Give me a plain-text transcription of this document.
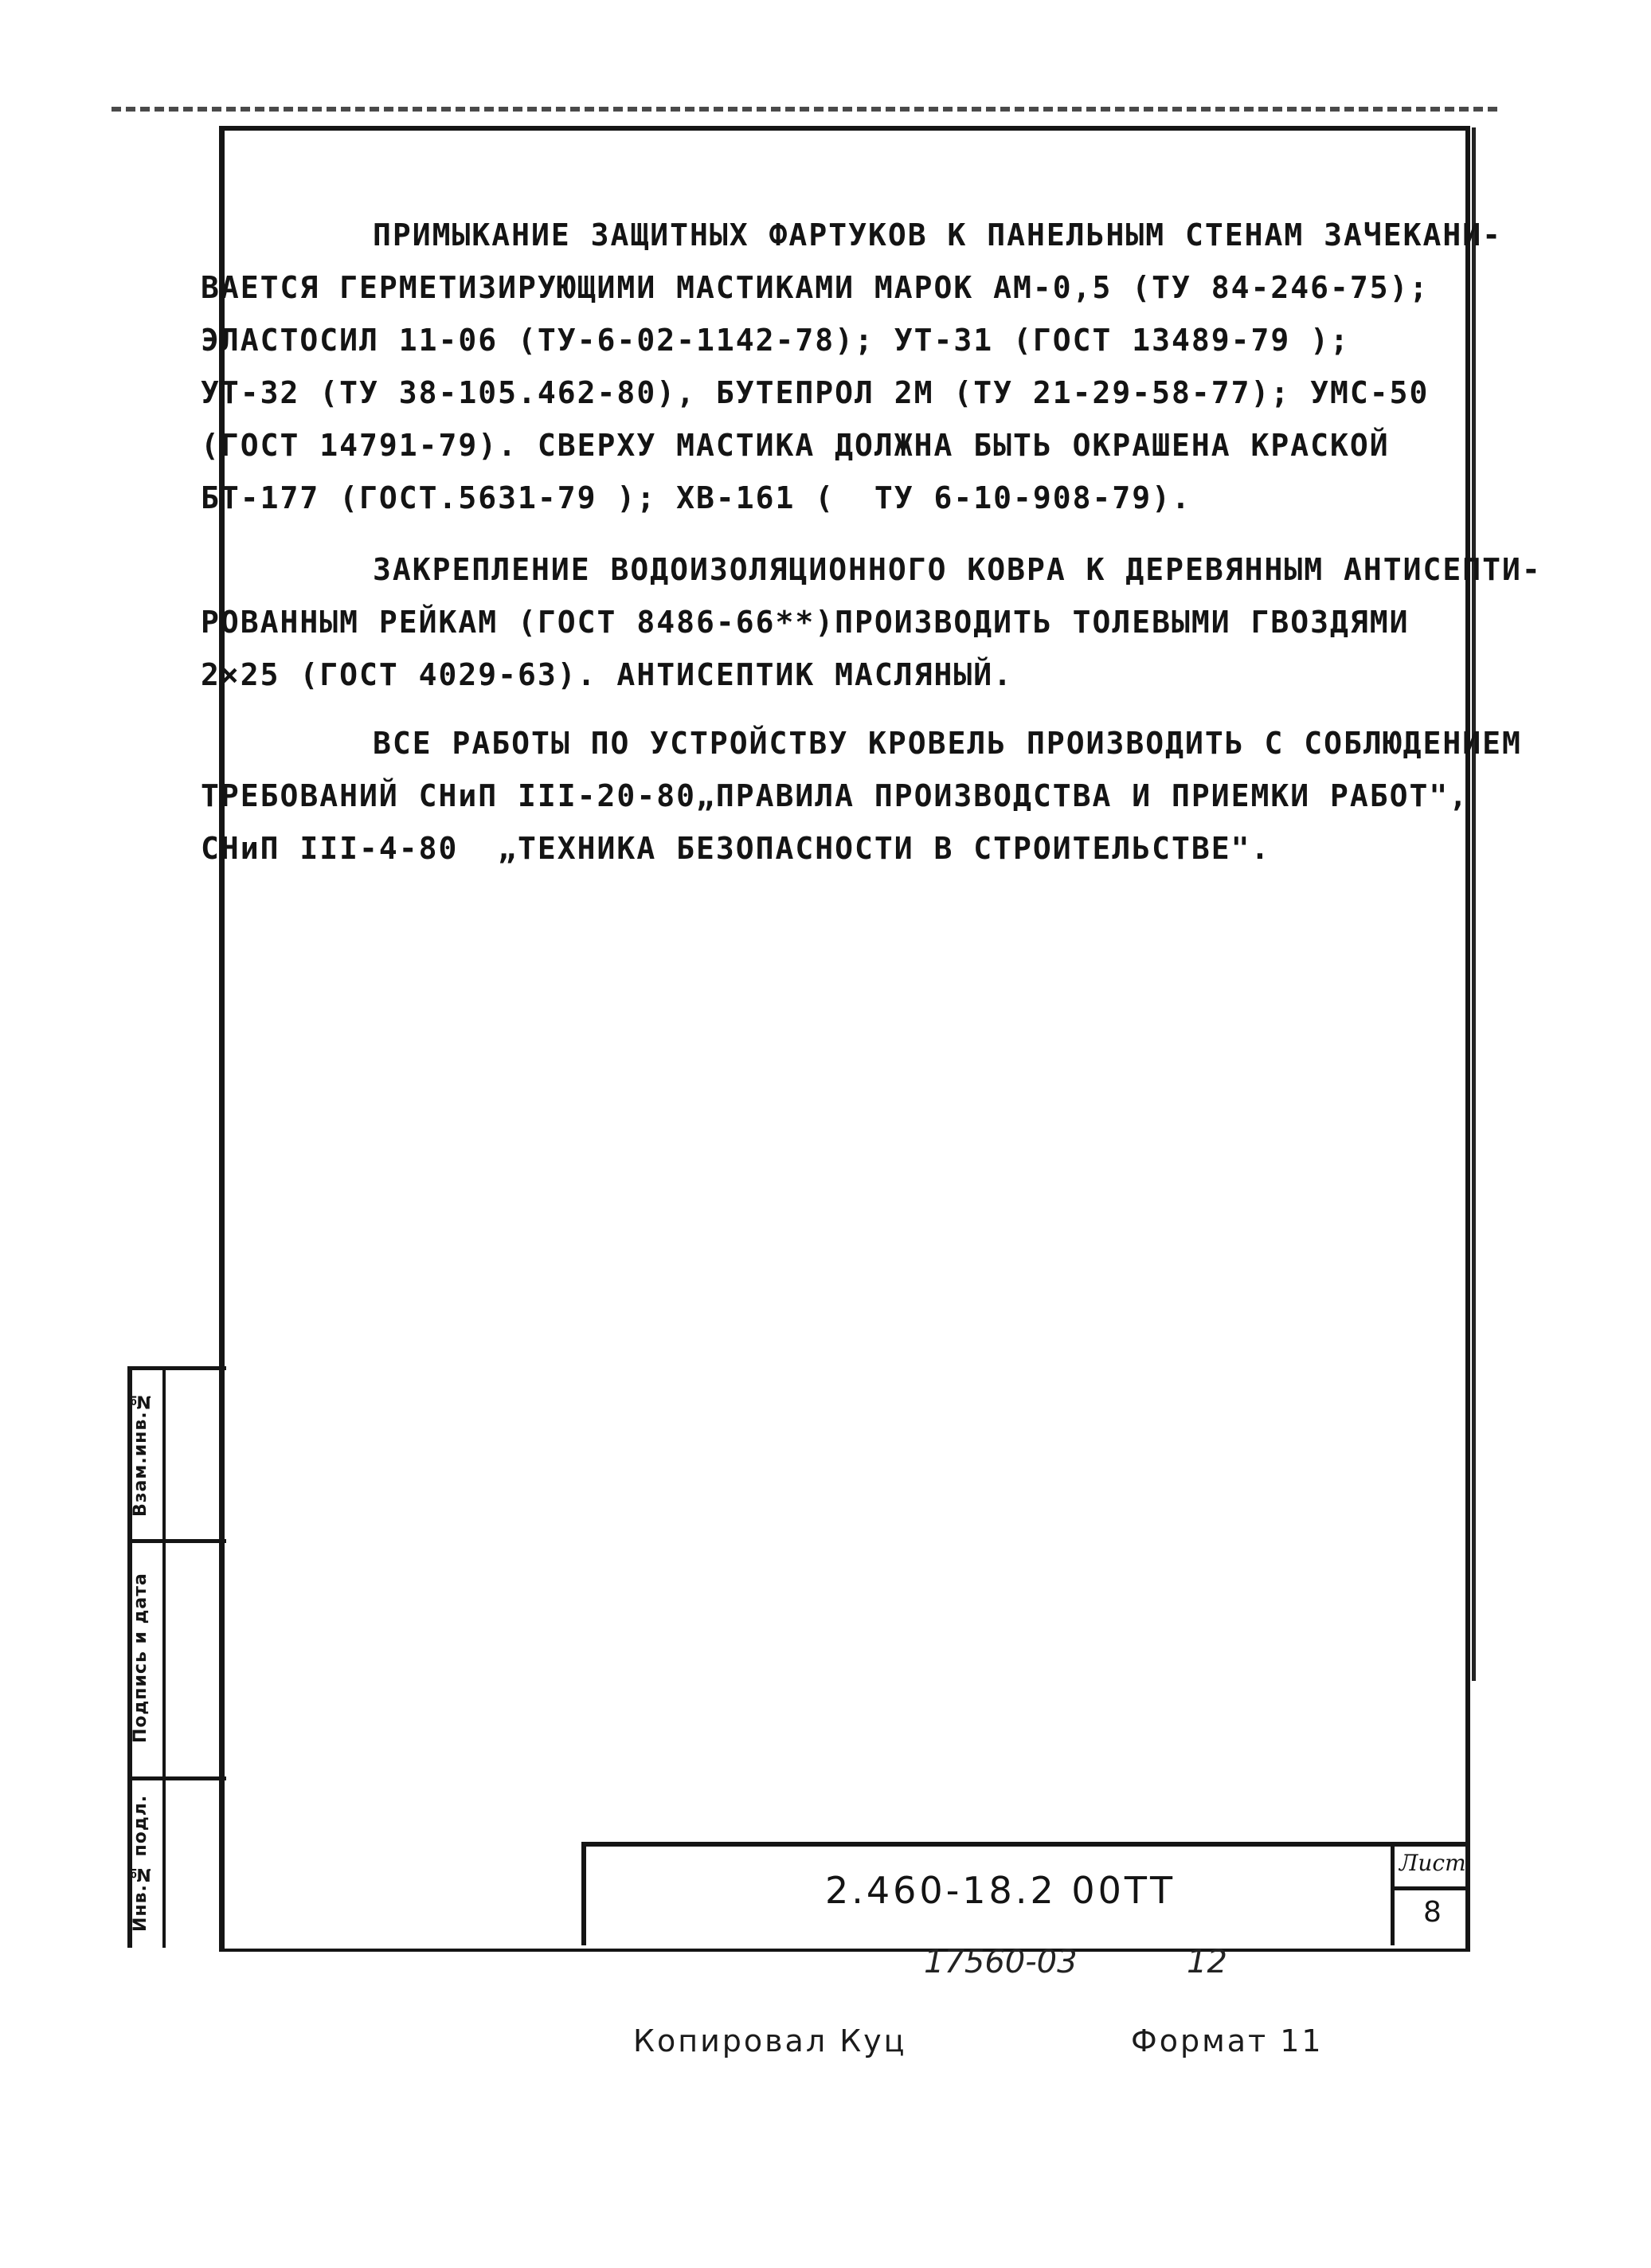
ПРИМЫКАНИЕ ЗАЩИТНЫХ ФАРТУКОВ К ПАНЕЛЬНЫМ СТЕНАМ ЗАЧЕКАНИ-
ВАЕТСЯ ГЕРМЕТИЗИРУЮЩИМИ МАСТИКАМИ МАРОК АМ-0,5 (ТУ 84-246-75);
ЭЛАСТОСИЛ 11-06 (ТУ-6-02-1142-78); УТ-31 (ГОСТ 13489-79 );
УТ-32 (ТУ 38-105.462-80), БУТЕПРОЛ 2М (ТУ 21-29-58-77); УМС-50
(ГОСТ 14791-79). СВЕРХУ МАСТИКА ДОЛЖНА БЫТЬ ОКРАШЕНА КРАСКОЙ
БТ-177 (ГОСТ.5631-79 ); ХВ-161 (  ТУ 6-10-908-79).
ЗАКРЕПЛЕНИЕ ВОДОИЗОЛЯЦИОННОГО КОВРА К ДЕРЕВЯННЫМ АНТИСЕПТИ-
РОВАННЫМ РЕЙКАМ (ГОСТ 8486-66**)ПРОИЗВОДИТЬ ТОЛЕВЫМИ ГВОЗДЯМИ
2×25 (ГОСТ 4029-63). АНТИСЕПТИК МАСЛЯНЫЙ.
ВСЕ РАБОТЫ ПО УСТРОЙСТВУ КРОВЕЛЬ ПРОИЗВОДИТЬ С СОБЛЮДЕНИЕМ
ТРЕБОВАНИЙ СНиП III-20-80„ПРАВИЛА ПРОИЗВОДСТВА И ПРИЕМКИ РАБОТ",
СНиП III-4-80  „ТЕХНИКА БЕЗОПАСНОСТИ В СТРОИТЕЛЬСТВЕ".
Взам.инв.№
Подпись и дата
Инв.№ подл.	2.460-18.2 00ТТ
Лист
8
17560-03	12
Копировал Куц	Формат 11
